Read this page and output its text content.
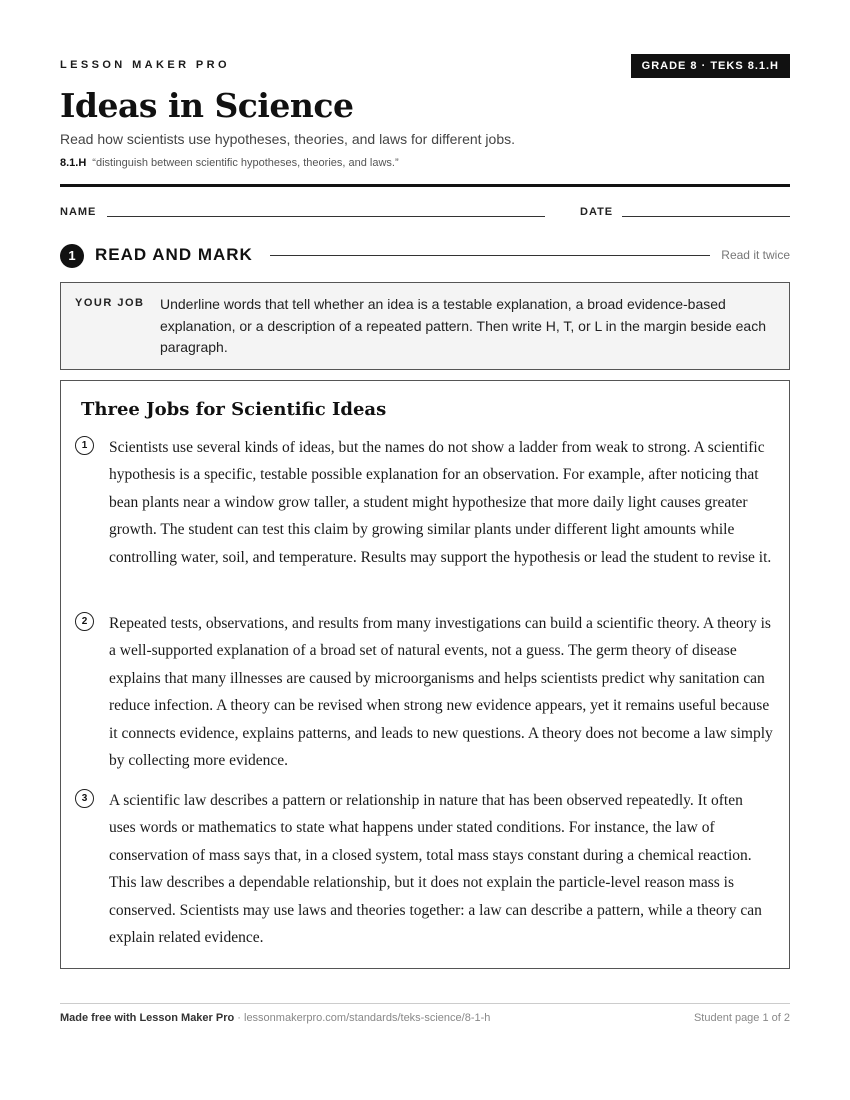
LESSON MAKER PRO	GRADE 8 · TEKS 8.1.H
Ideas in Science
Read how scientists use hypotheses, theories, and laws for different jobs.
8.1.H “distinguish between scientific hypotheses, theories, and laws.”
NAME	DATE
1	READ AND MARK	Read it twice
YOUR JOB Underline words that tell whether an idea is a testable explanation, a broad evidence-based explanation, or a description of a repeated pattern. Then write H, T, or L in the margin beside each paragraph.
Three Jobs for Scientific Ideas
1	Scientists use several kinds of ideas, but the names do not show a ladder from weak to strong. A scientific hypothesis is a specific, testable possible explanation for an observation. For example, after noticing that bean plants near a window grow taller, a student might hypothesize that more daily light causes greater growth. The student can test this claim by growing similar plants under different light amounts while controlling water, soil, and temperature. Results may support the hypothesis or lead the student to revise it.

2	Repeated tests, observations, and results from many investigations can build a scientific theory. A theory is a well-supported explanation of a broad set of natural events, not a guess. The germ theory of disease explains that many illnesses are caused by microorganisms and helps scientists predict why sanitation can reduce infection. A theory can be revised when strong new evidence appears, yet it remains useful because it connects evidence, explains patterns, and leads to new questions. A theory does not become a law simply by collecting more evidence.

3	A scientific law describes a pattern or relationship in nature that has been observed repeatedly. It often uses words or mathematics to state what happens under stated conditions. For instance, the law of conservation of mass says that, in a closed system, total mass stays constant during a chemical reaction. This law describes a dependable relationship, but it does not explain the particle-level reason mass is conserved. Scientists may use laws and theories together: a law can describe a pattern, while a theory can explain related evidence.

Made free with Lesson Maker Pro · lessonmakerpro.com/standards/teks-science/8-1-h	Student page 1 of 2
